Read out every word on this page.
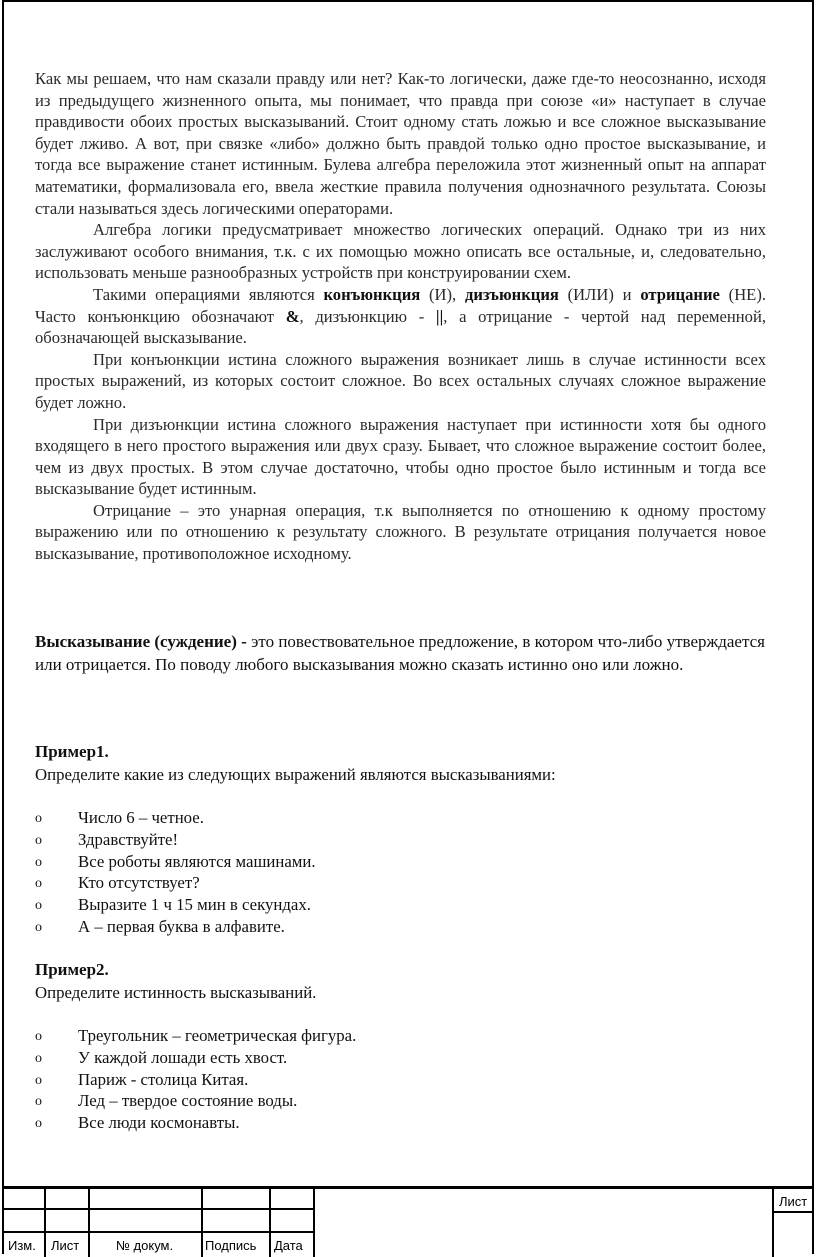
Как мы решаем, что нам сказали правду или нет? Как-то логически, даже где-то неосознанно, исходя из предыдущего жизненного опыта, мы понимает, что правда при союзе «и» наступает в случае правдивости обоих простых высказываний. Стоит одному стать ложью и все сложное высказывание будет лживо. А вот, при связке «либо» должно быть правдой только одно простое высказывание, и тогда все выражение станет истинным. Булева алгебра переложила этот жизненный опыт на аппарат математики, формализовала его, ввела жесткие правила получения однозначного результата. Союзы стали называться здесь логическими операторами.

Алгебра логики предусматривает множество логических операций. Однако три из них заслуживают особого внимания, т.к. с их помощью можно описать все остальные, и, следовательно, использовать меньше разнообразных устройств при конструировании схем.

Такими операциями являются конъюнкция (И), дизъюнкция (ИЛИ) и отрицание (НЕ). Часто конъюнкцию обозначают &, дизъюнкцию - ||, а отрицание - чертой над переменной, обозначающей высказывание.

При конъюнкции истина сложного выражения возникает лишь в случае истинности всех простых выражений, из которых состоит сложное. Во всех остальных случаях сложное выражение будет ложно.

При дизъюнкции истина сложного выражения наступает при истинности хотя бы одного входящего в него простого выражения или двух сразу. Бывает, что сложное выражение состоит более, чем из двух простых. В этом случае достаточно, чтобы одно простое было истинным и тогда все высказывание будет истинным.

Отрицание – это унарная операция, т.к выполняется по отношению к одному простому выражению или по отношению к результату сложного. В результате отрицания получается новое высказывание, противоположное исходному.

Высказывание (суждение) - это повествовательное предложение, в котором что-либо утверждается или отрицается. По поводу любого высказывания можно сказать истинно оно или ложно.

Пример1.

Определите какие из следующих выражений являются высказываниями:

o Число 6 – четное.
o Здравствуйте!
o Все роботы являются машинами.
o Кто отсутствует?
o Выразите 1 ч 15 мин в секундах.
o А – первая буква в алфавите.

Пример2.

Определите истинность высказываний.

o Треугольник – геометрическая фигура.
o У каждой лошади есть хвост.
o Париж - столица Китая.
o Лед – твердое состояние воды.
o Все люди космонавты.
Изм. Лист	№ докум. Подпись Дата
Лист
